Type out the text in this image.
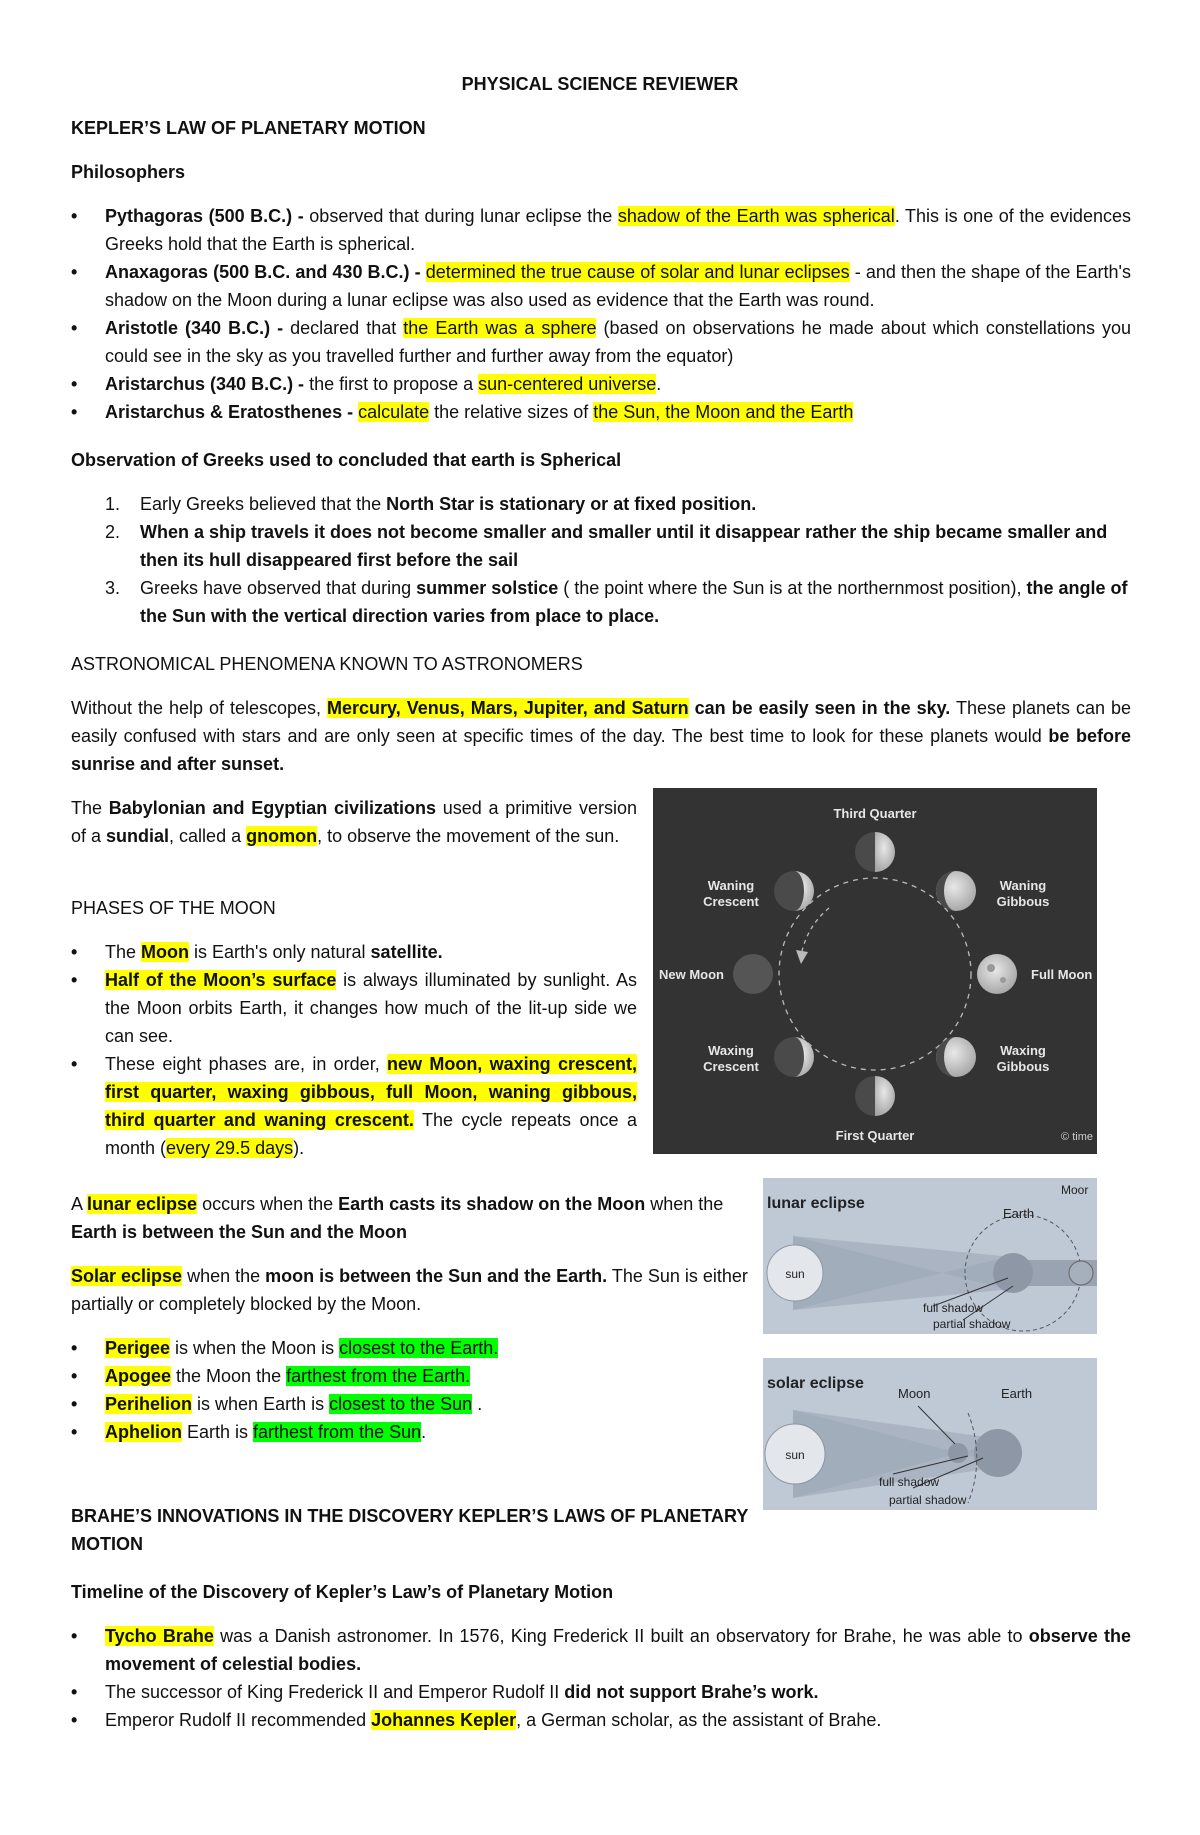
PHYSICAL SCIENCE REVIEWER
KEPLER’S LAW OF PLANETARY MOTION
Philosophers
• Pythagoras (500 B.C.) - observed that during lunar eclipse the shadow of the Earth was spherical. This is one of the evidences Greeks hold that the Earth is spherical.
• Anaxagoras (500 B.C. and 430 B.C.) - determined the true cause of solar and lunar eclipses - and then the shape of the Earth's shadow on the Moon during a lunar eclipse was also used as evidence that the Earth was round.
• Aristotle (340 B.C.) - declared that the Earth was a sphere (based on observations he made about which constellations you could see in the sky as you travelled further and further away from the equator)
• Aristarchus (340 B.C.) - the first to propose a sun-centered universe.
• Aristarchus & Eratosthenes - calculate the relative sizes of the Sun, the Moon and the Earth
Observation of Greeks used to concluded that earth is Spherical
1. Early Greeks believed that the North Star is stationary or at fixed position.
2. When a ship travels it does not become smaller and smaller until it disappear rather the ship became smaller and then its hull disappeared first before the sail
3. Greeks have observed that during summer solstice ( the point where the Sun is at the northernmost position), the angle of the Sun with the vertical direction varies from place to place.
ASTRONOMICAL PHENOMENA KNOWN TO ASTRONOMERS
Without the help of telescopes, Mercury, Venus, Mars, Jupiter, and Saturn can be easily seen in the sky. These planets can be easily confused with stars and are only seen at specific times of the day. The best time to look for these planets would be before sunrise and after sunset.
The Babylonian and Egyptian civilizations used a primitive version of a sundial, called a gnomon, to observe the movement of the sun.
PHASES OF THE MOON
• The Moon is Earth's only natural satellite.
• Half of the Moon’s surface is always illuminated by sunlight. As the Moon orbits Earth, it changes how much of the lit-up side we can see.
• These eight phases are, in order, new Moon, waxing crescent, first quarter, waxing gibbous, full Moon, waning gibbous, third quarter and waning crescent. The cycle repeats once a month (every 29.5 days).
Third Quarter
First Quarter
New Moon	Full Moon
Waning Crescent
Waning Gibbous
Waxing Crescent
Waxing Gibbous
© time
A lunar eclipse occurs when the Earth casts its shadow on the Moon when the Earth is between the Sun and the Moon
Solar eclipse when the moon is between the Sun and the Earth. The Sun is either partially or completely blocked by the Moon.
• Perigee is when the Moon is closest to the Earth.
• Apogee the Moon the farthest from the Earth.
• Perihelion is when Earth is closest to the Sun .
• Aphelion Earth is farthest from the Sun.
lunar eclipse
sun
Earth
Moor
full shadow
partial shadow
solar eclipse
sun
Moon	Earth
full shadow
partial shadow
BRAHE’S INNOVATIONS IN THE DISCOVERY KEPLER’S LAWS OF PLANETARY MOTION
Timeline of the Discovery of Kepler’s Law’s of Planetary Motion
• Tycho Brahe was a Danish astronomer. In 1576, King Frederick II built an observatory for Brahe, he was able to observe the movement of celestial bodies.
• The successor of King Frederick II and Emperor Rudolf II did not support Brahe’s work.
• Emperor Rudolf II recommended Johannes Kepler, a German scholar, as the assistant of Brahe.
